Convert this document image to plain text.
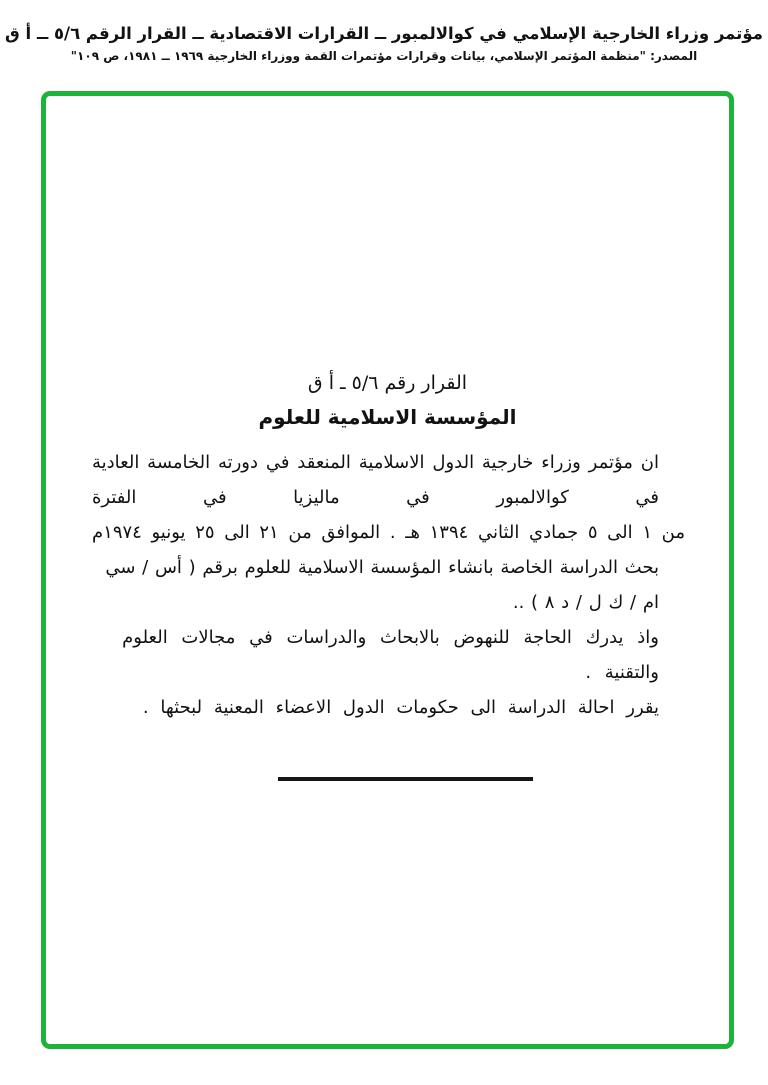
مؤتمر وزراء الخارجية الإسلامي في كوالالمبور ــ القرارات الاقتصادية ــ القرار الرقم ٥/٦ ــ أ ق
المصدر: "منظمة المؤتمر الإسلامي، بيانات وقرارات مؤتمرات القمة ووزراء الخارجية ١٩٦٩ ــ ١٩٨١، ص ١٠٩"
القرار رقم ٥/٦ ـ أ ق
المؤسسة الاسلامية للعلوم
ان مؤتمر وزراء خارجية الدول الاسلامية المنعقد في دورته الخامسة العادية في كوالالمبور في ماليزيا في الفترة
من ١ الى ٥ جمادي الثاني ١٣٩٤ هـ . الموافق من ٢١ الى ٢٥ يونيو ١٩٧٤م
بحث الدراسة الخاصة بانشاء المؤسسة الاسلامية للعلوم برقم ( أس / سي ام / ك ل / د ٨ ) ..
واذ يدرك الحاجة للنهوض بالابحاث والدراسات في مجالات العلوم والتقنية .
يقرر احالة الدراسة الى حكومات الدول الاعضاء المعنية لبحثها .
